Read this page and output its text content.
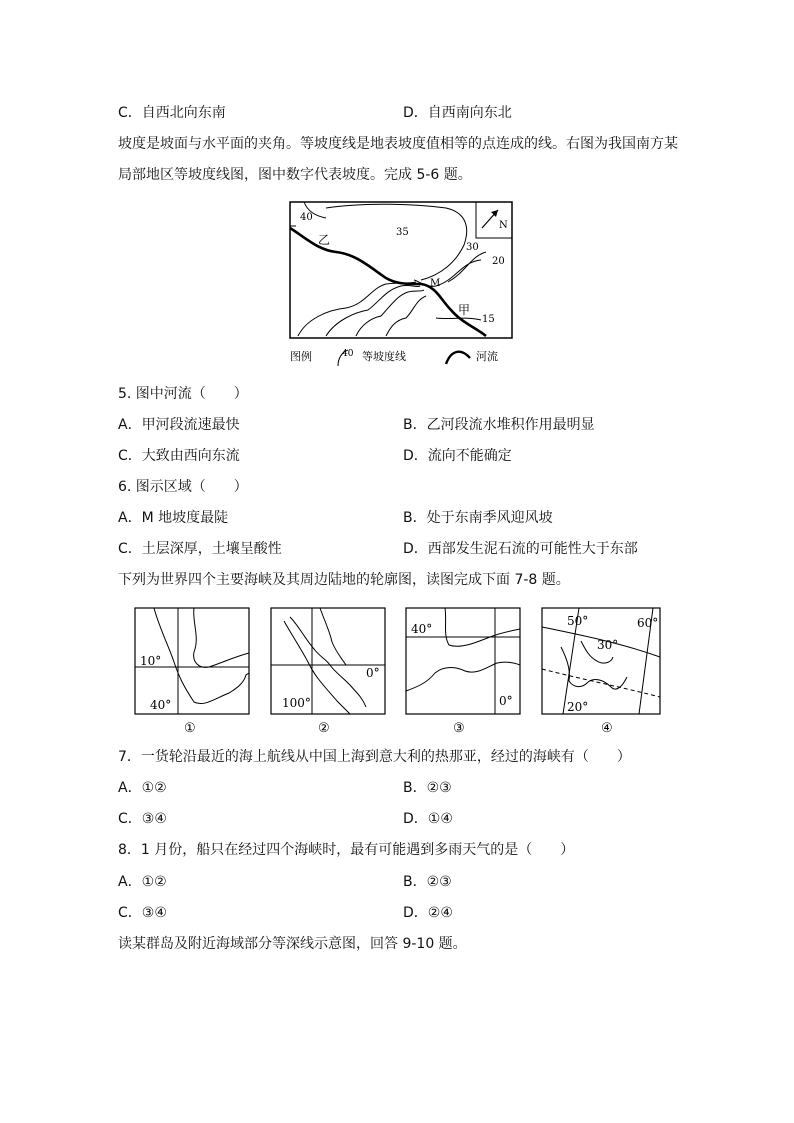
C．自西北向东南	D．自西南向东北
坡度是坡面与水平面的夹角。等坡度线是地表坡度值相等的点连成的线。右图为我国南方某
局部地区等坡度线图，图中数字代表坡度。完成 5-6 题。
N
40
35
30
20
15
乙
甲
M
图例	40 等坡度线	河流
5. 图中河流（　　）
A．甲河段流速最快	B．乙河段流水堆积作用最明显
C．大致由西向东流	D．流向不能确定
6. 图示区域（　　）
A．M 地坡度最陡	B．处于东南季风迎风坡
C．土层深厚，土壤呈酸性	D．西部发生泥石流的可能性大于东部
下列为世界四个主要海峡及其周边陆地的轮廓图，读图完成下面 7-8 题。
10°
40°
①
0°
100°
②
40°
0°
③
50°	60°
30°
20°
④
7．一货轮沿最近的海上航线从中国上海到意大利的热那亚，经过的海峡有（　　）
A．①②	B．②③
C．③④	D．①④
8．1 月份，船只在经过四个海峡时，最有可能遇到多雨天气的是（　　）
A．①②	B．②③
C．③④	D．②④
读某群岛及附近海域部分等深线示意图，回答 9-10 题。
